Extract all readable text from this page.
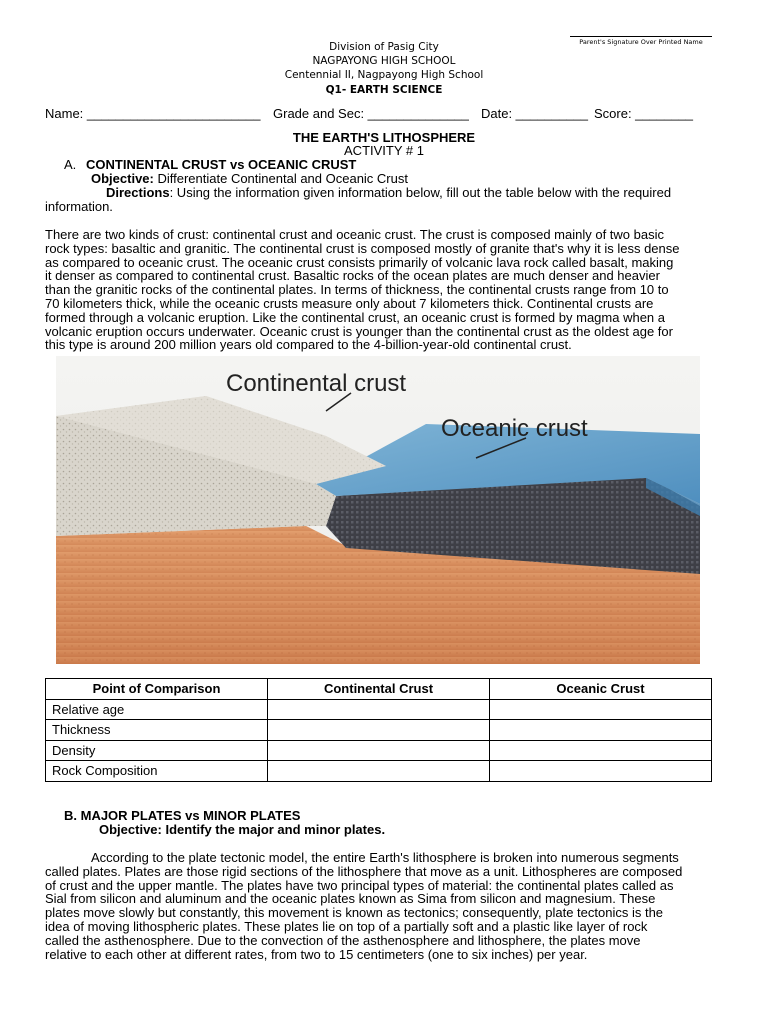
Division of Pasig City
NAGPAYONG HIGH SCHOOL
Centennial II, Nagpayong High School
Q1- EARTH SCIENCE
Parent's Signature Over Printed Name
Name: ________________________ Grade and Sec: ______________ Date: __________ Score: ________
THE EARTH'S LITHOSPHERE
ACTIVITY # 1
A. CONTINENTAL CRUST vs OCEANIC CRUST
Objective: Differentiate Continental and Oceanic Crust
Directions: Using the information given information below, fill out the table below with the required
information.
There are two kinds of crust: continental crust and oceanic crust. The crust is composed mainly of two basic
rock types: basaltic and granitic. The continental crust is composed mostly of granite that's why it is less dense
as compared to oceanic crust. The oceanic crust consists primarily of volcanic lava rock called basalt, making
it denser as compared to continental crust. Basaltic rocks of the ocean plates are much denser and heavier
than the granitic rocks of the continental plates. In terms of thickness, the continental crusts range from 10 to
70 kilometers thick, while the oceanic crusts measure only about 7 kilometers thick. Continental crusts are
formed through a volcanic eruption. Like the continental crust, an oceanic crust is formed by magma when a
volcanic eruption occurs underwater. Oceanic crust is younger than the continental crust as the oldest age for
this type is around 200 million years old compared to the 4-billion-year-old continental crust.
Continental crust
Oceanic crust
Point of Comparison	Continental Crust	Oceanic Crust
Relative age		
Thickness		
Density		
Rock Composition		
B. MAJOR PLATES vs MINOR PLATES
Objective: Identify the major and minor plates.
According to the plate tectonic model, the entire Earth's lithosphere is broken into numerous segments
called plates. Plates are those rigid sections of the lithosphere that move as a unit. Lithospheres are composed
of crust and the upper mantle. The plates have two principal types of material: the continental plates called as
Sial from silicon and aluminum and the oceanic plates known as Sima from silicon and magnesium. These
plates move slowly but constantly, this movement is known as tectonics; consequently, plate tectonics is the
idea of moving lithospheric plates. These plates lie on top of a partially soft and a plastic like layer of rock
called the asthenosphere. Due to the convection of the asthenosphere and lithosphere, the plates move
relative to each other at different rates, from two to 15 centimeters (one to six inches) per year.
